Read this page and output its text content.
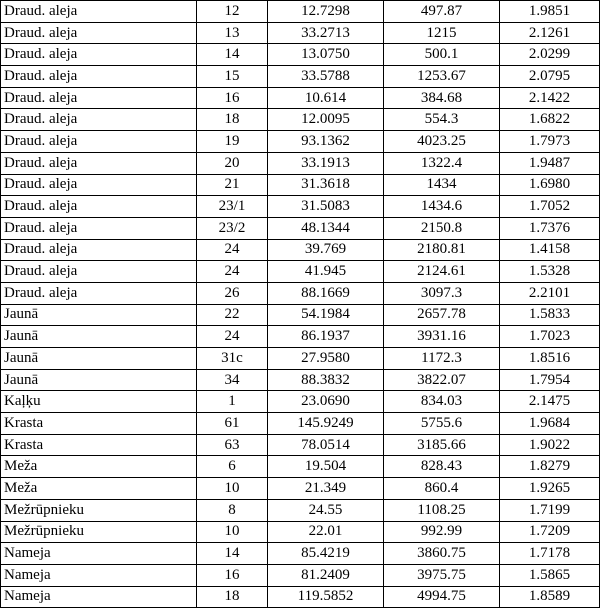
Draud. aleja	12	12.7298	497.87	1.9851
Draud. aleja	13	33.2713	1215	2.1261
Draud. aleja	14	13.0750	500.1	2.0299
Draud. aleja	15	33.5788	1253.67	2.0795
Draud. aleja	16	10.614	384.68	2.1422
Draud. aleja	18	12.0095	554.3	1.6822
Draud. aleja	19	93.1362	4023.25	1.7973
Draud. aleja	20	33.1913	1322.4	1.9487
Draud. aleja	21	31.3618	1434	1.6980
Draud. aleja	23/1	31.5083	1434.6	1.7052
Draud. aleja	23/2	48.1344	2150.8	1.7376
Draud. aleja	24	39.769	2180.81	1.4158
Draud. aleja	24	41.945	2124.61	1.5328
Draud. aleja	26	88.1669	3097.3	2.2101
Jaunā	22	54.1984	2657.78	1.5833
Jaunā	24	86.1937	3931.16	1.7023
Jaunā	31c	27.9580	1172.3	1.8516
Jaunā	34	88.3832	3822.07	1.7954
Kaļķu	1	23.0690	834.03	2.1475
Krasta	61	145.9249	5755.6	1.9684
Krasta	63	78.0514	3185.66	1.9022
Meža	6	19.504	828.43	1.8279
Meža	10	21.349	860.4	1.9265
Mežrūpnieku	8	24.55	1108.25	1.7199
Mežrūpnieku	10	22.01	992.99	1.7209
Nameja	14	85.4219	3860.75	1.7178
Nameja	16	81.2409	3975.75	1.5865
Nameja	18	119.5852	4994.75	1.8589
